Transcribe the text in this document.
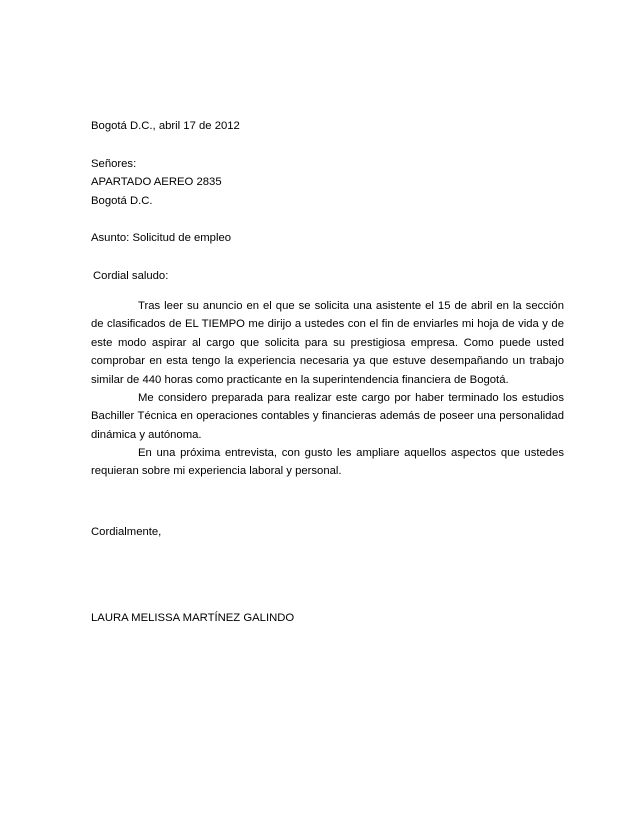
Bogotá D.C., abril 17 de 2012
Señores:
APARTADO AEREO 2835
Bogotá D.C.
Asunto: Solicitud de empleo
Cordial saludo:

Tras leer su anuncio en el que se solicita una asistente el 15 de abril en la sección de clasificados de EL TIEMPO me dirijo a ustedes con el fin de enviarles mi hoja de vida y de este modo aspirar al cargo que solicita para su prestigiosa empresa. Como puede usted comprobar en esta tengo la experiencia necesaria ya que estuve desempañando un trabajo similar de 440 horas como practicante en la superintendencia financiera de Bogotá.

Me considero preparada para realizar este cargo por haber terminado los estudios Bachiller Técnica en operaciones contables y financieras además de poseer una personalidad dinámica y autónoma.

En una próxima entrevista, con gusto les ampliare aquellos aspectos que ustedes requieran sobre mi experiencia laboral y personal.

Cordialmente,
LAURA MELISSA MARTÍNEZ GALINDO
